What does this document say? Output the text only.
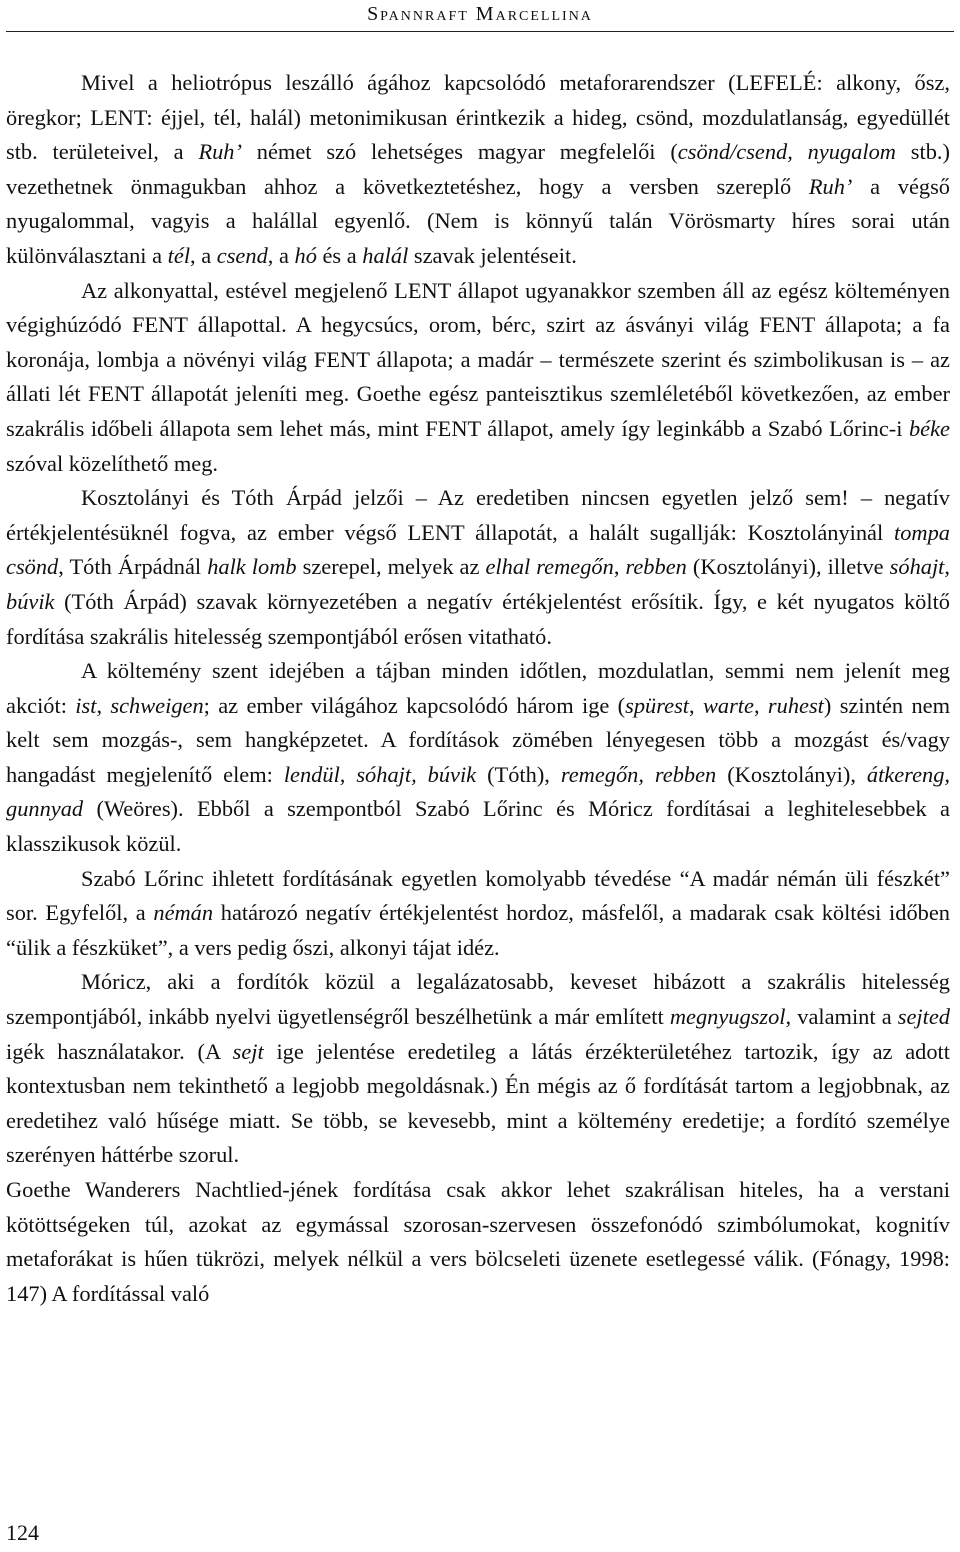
Spannraft Marcellina

Mivel a heliotrópus leszálló ágához kapcsolódó metaforarendszer (LEFELÉ: alkony, ősz, öregkor; LENT: éjjel, tél, halál) metonimikusan érintkezik a hideg, csönd, mozdulatlanság, egyedüllét stb. területeivel, a Ruh’ német szó lehetséges magyar megfelelői (csönd/csend, nyugalom stb.) vezethetnek önmagukban ahhoz a következtetéshez, hogy a versben szereplő Ruh’ a végső nyugalommal, vagyis a halállal egyenlő. (Nem is könnyű talán Vörösmarty híres sorai után különválasztani a tél, a csend, a hó és a halál szavak jelentéseit.

Az alkonyattal, estével megjelenő LENT állapot ugyanakkor szemben áll az egész költeményen végighúzódó FENT állapottal. A hegycsúcs, orom, bérc, szirt az ásványi világ FENT állapota; a fa koronája, lombja a növényi világ FENT állapota; a madár – természete szerint és szimbolikusan is – az állati lét FENT állapotát jeleníti meg. Goethe egész panteisztikus szemléletéből következően, az ember szakrális időbeli állapota sem lehet más, mint FENT állapot, amely így leginkább a Szabó Lőrinc-i béke szóval közelíthető meg.

Kosztolányi és Tóth Árpád jelzői – Az eredetiben nincsen egyetlen jelző sem! – negatív értékjelentésüknél fogva, az ember végső LENT állapotát, a halált sugallják: Kosztolányinál tompa csönd, Tóth Árpádnál halk lomb szerepel, melyek az elhal remegőn, rebben (Kosztolányi), illetve sóhajt, búvik (Tóth Árpád) szavak környezetében a negatív értékjelentést erősítik. Így, e két nyugatos költő fordítása szakrális hitelesség szempontjából erősen vitatható.

A költemény szent idejében a tájban minden időtlen, mozdulatlan, semmi nem jelenít meg akciót: ist, schweigen; az ember világához kapcsolódó három ige (spürest, warte, ruhest) szintén nem kelt sem mozgás-, sem hangképzetet. A fordítások zömében lényegesen több a mozgást és/vagy hangadást megjelenítő elem: lendül, sóhajt, búvik (Tóth), remegőn, rebben (Kosztolányi), átkereng, gunnyad (Weöres). Ebből a szempontból Szabó Lőrinc és Móricz fordításai a leghitelesebbek a klasszikusok közül.

Szabó Lőrinc ihletett fordításának egyetlen komolyabb tévedése “A madár némán üli fészkét” sor. Egyfelől, a némán határozó negatív értékjelentést hordoz, másfelől, a madarak csak költési időben “ülik a fészküket”, a vers pedig őszi, alkonyi tájat idéz.

Móricz, aki a fordítók közül a legalázatosabb, keveset hibázott a szakrális hitelesség szempontjából, inkább nyelvi ügyetlenségről beszélhetünk a már említett megnyugszol, valamint a sejted igék használatakor. (A sejt ige jelentése eredetileg a látás érzékterületéhez tartozik, így az adott kontextusban nem tekinthető a legjobb megoldásnak.) Én mégis az ő fordítását tartom a legjobbnak, az eredetihez való hűsége miatt. Se több, se kevesebb, mint a költemény eredetije; a fordító személye szerényen háttérbe szorul.

Goethe Wanderers Nachtlied-jének fordítása csak akkor lehet szakrálisan hiteles, ha a verstani kötöttségeken túl, azokat az egymással szorosan-szervesen összefonódó szimbólumokat, kognitív metaforákat is hűen tükrözi, melyek nélkül a vers bölcseleti üzenete esetlegessé válik. (Fónagy, 1998: 147) A fordítással való

124
